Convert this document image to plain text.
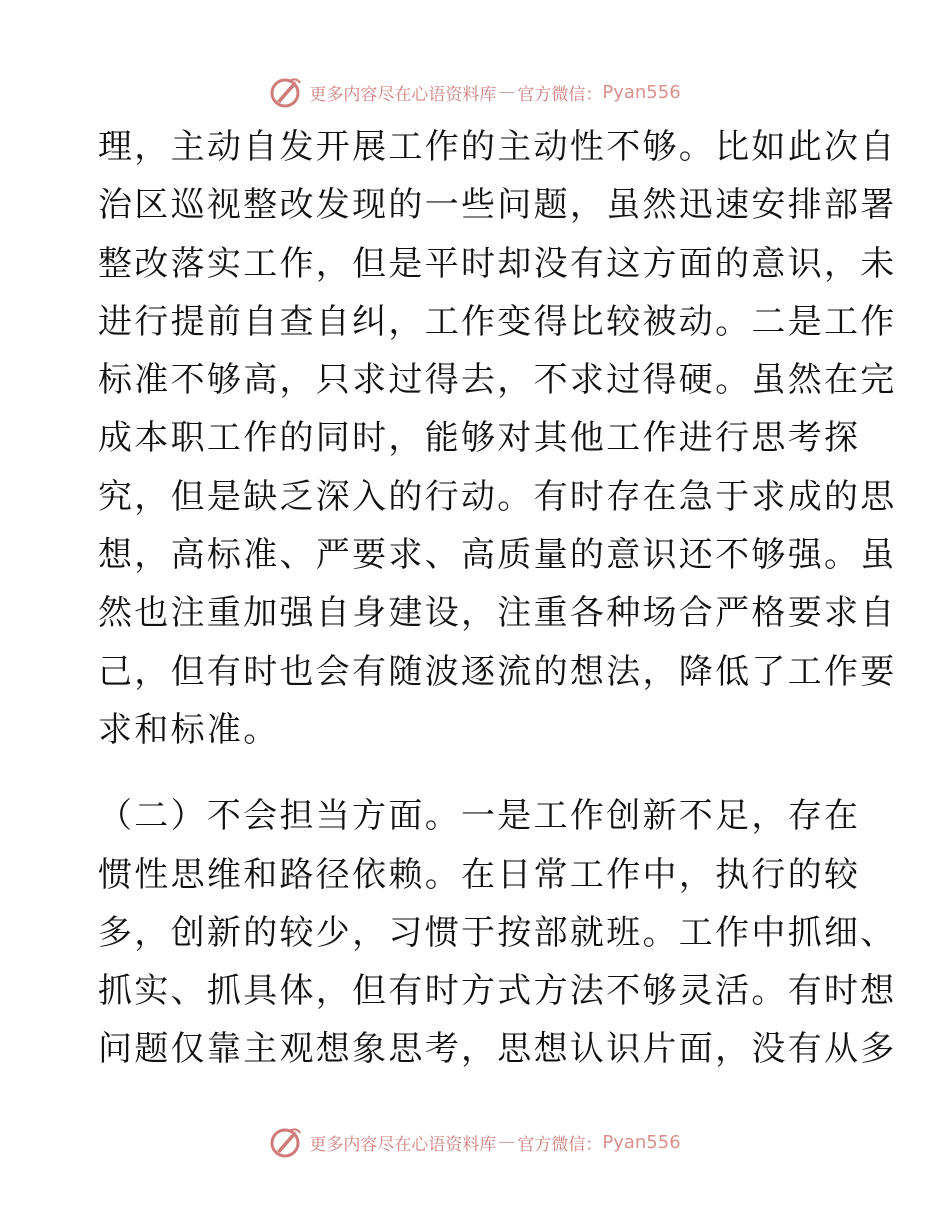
更多内容尽在心语资料库 — 官方微信： Pyan556
理，主动自发开展工作的主动性不够。比如此次自
治区巡视整改发现的一些问题，虽然迅速安排部署
整改落实工作，但是平时却没有这方面的意识，未
进行提前自查自纠，工作变得比较被动。二是工作
标准不够高，只求过得去，不求过得硬。虽然在完
成本职工作的同时，能够对其他工作进行思考探
究，但是缺乏深入的行动。有时存在急于求成的思
想，高标准、严要求、高质量的意识还不够强。虽
然也注重加强自身建设，注重各种场合严格要求自
己，但有时也会有随波逐流的想法，降低了工作要
求和标准。
（二）不会担当方面。一是工作创新不足，存在
惯性思维和路径依赖。在日常工作中，执行的较
多，创新的较少，习惯于按部就班。工作中抓细、
抓实、抓具体，但有时方式方法不够灵活。有时想
问题仅靠主观想象思考，思想认识片面，没有从多
更多内容尽在心语资料库 — 官方微信： Pyan556
